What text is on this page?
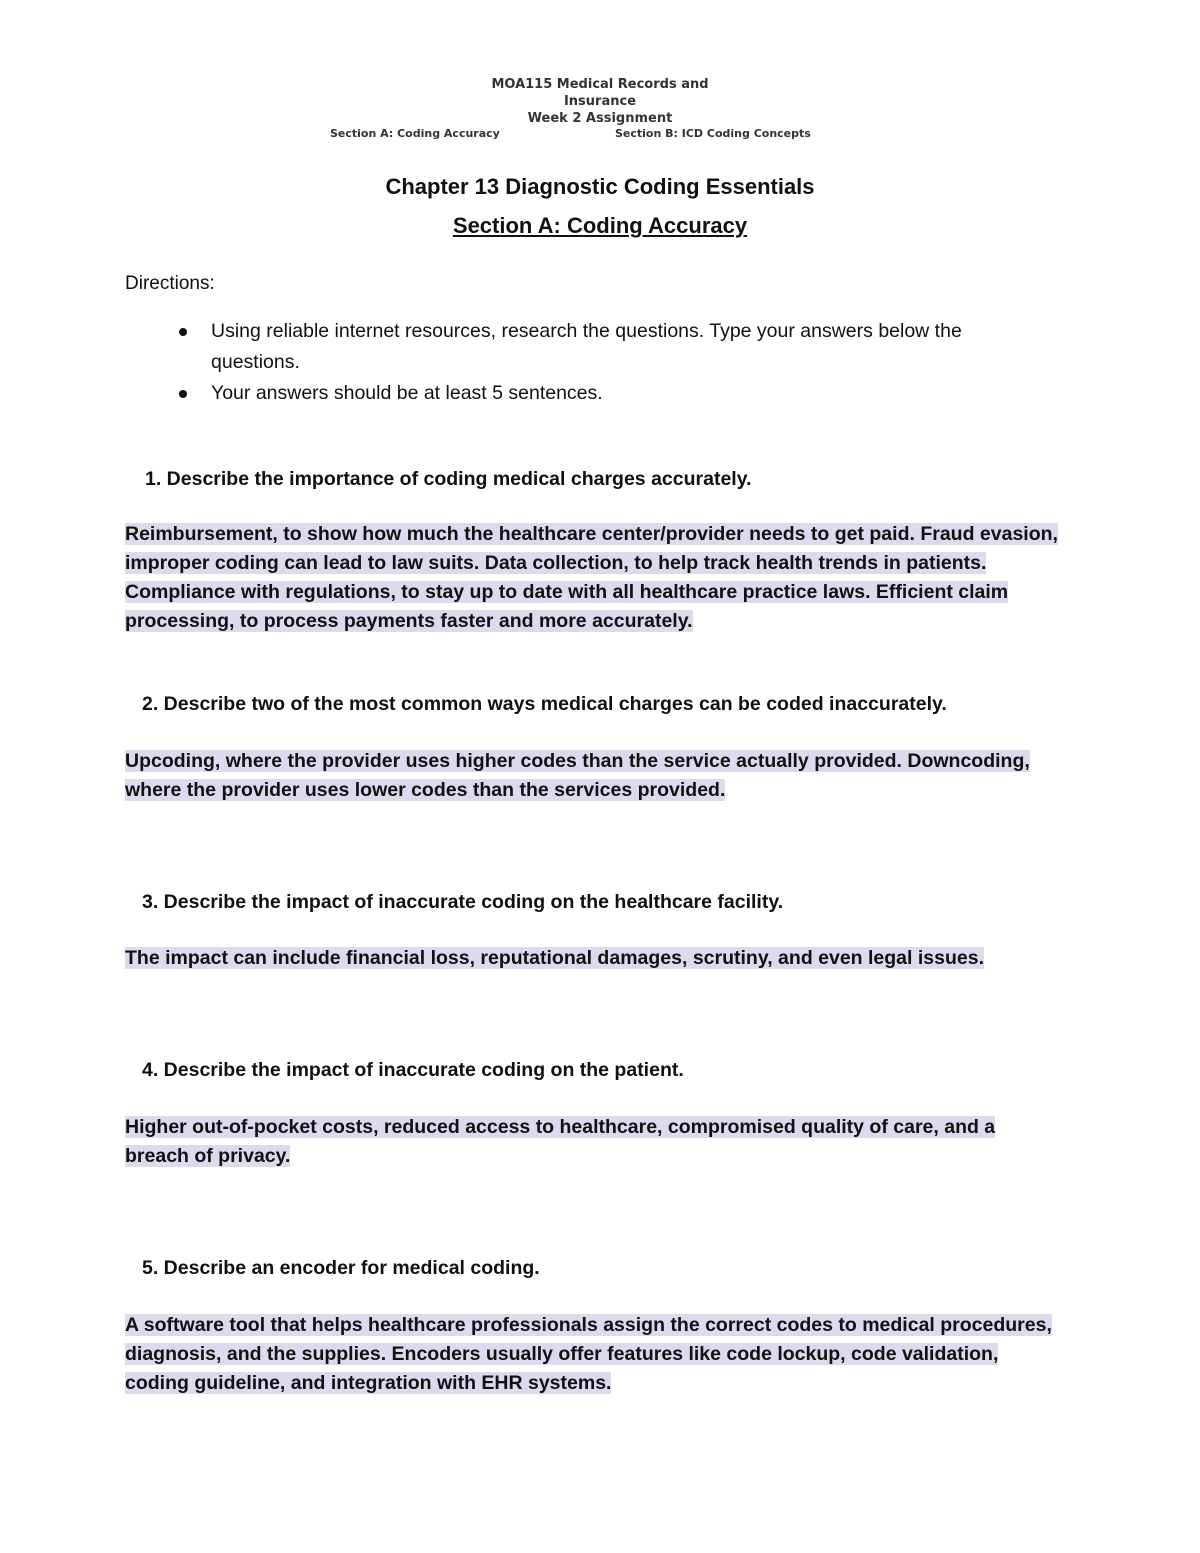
MOA115 Medical Records and
Insurance
Week 2 Assignment
Section A: Coding Accuracy	Section B: ICD Coding Concepts
Chapter 13 Diagnostic Coding Essentials
Section A: Coding Accuracy
Directions:
Using reliable internet resources, research the questions. Type your answers below the questions.
Your answers should be at least 5 sentences.
1. Describe the importance of coding medical charges accurately.
Reimbursement, to show how much the healthcare center/provider needs to get paid. Fraud evasion, improper coding can lead to law suits. Data collection, to help track health trends in patients. Compliance with regulations, to stay up to date with all healthcare practice laws. Efficient claim processing, to process payments faster and more accurately.
2. Describe two of the most common ways medical charges can be coded inaccurately.
Upcoding, where the provider uses higher codes than the service actually provided. Downcoding, where the provider uses lower codes than the services provided.
3. Describe the impact of inaccurate coding on the healthcare facility.
The impact can include financial loss, reputational damages, scrutiny, and even legal issues.
4. Describe the impact of inaccurate coding on the patient.
Higher out-of-pocket costs, reduced access to healthcare, compromised quality of care, and a breach of privacy.
5. Describe an encoder for medical coding.
A software tool that helps healthcare professionals assign the correct codes to medical procedures, diagnosis, and the supplies. Encoders usually offer features like code lockup, code validation, coding guideline, and integration with EHR systems.
